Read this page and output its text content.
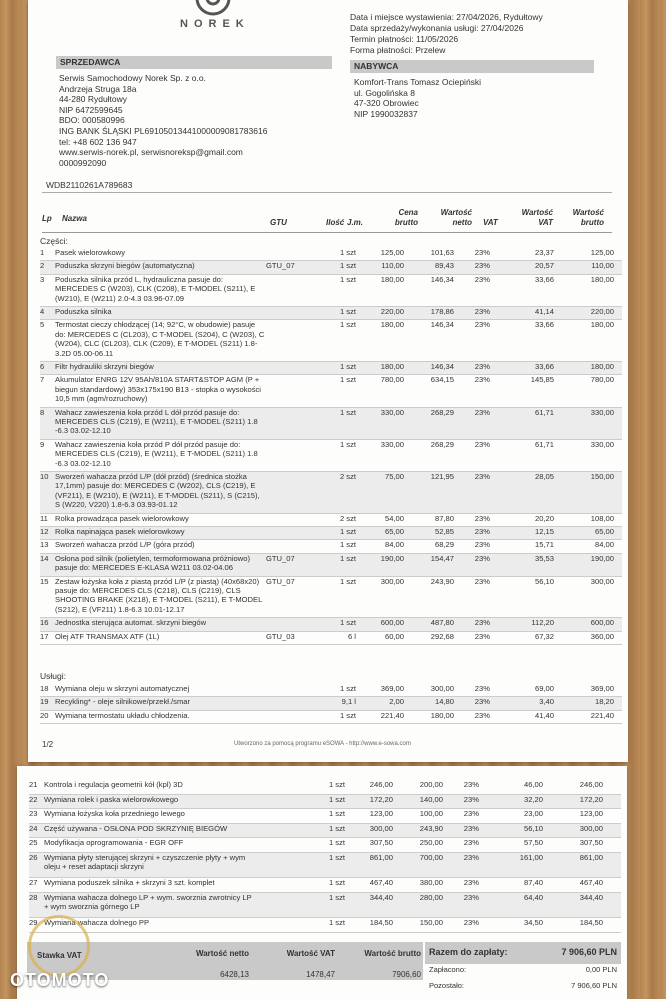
NOREK
Data i miejsce wystawienia: 27/04/2026, Rydułtowy
Data sprzedaży/wykonania usługi: 27/04/2026
Termin płatności: 11/05/2026
Forma płatności: Przelew
SPRZEDAWCA	NABYWCA
Serwis Samochodowy Norek Sp. z o.o.
Andrzeja Struga 18a
44-280 Rydułtowy
NIP 6472599645
BDO: 000580996
ING BANK ŚLĄSKI PL69105013441000009081783616
tel: +48 602 136 947
www.serwis-norek.pl, serwisnoreksp@gmail.com
0000992090
Komfort-Trans Tomasz Ociepiński
ul. Gogolińska 8
47-320 Obrowiec
NIP 1990032837
WDB2110261A789683
Lp Nazwa	GTU	Ilość J.m.
Cena brutto
Wartość netto VAT
Wartość VAT
Wartość brutto
Części:
1	Pasek wielorowkowy	1 szt	125,00	101,63	23%	23,37	125,00
2	Poduszka skrzyni biegów (automatyczna)	GTU_07	1 szt	110,00	89,43	23%	20,57	110,00
3	Poduszka silnika przód L, hydrauliczna pasuje do: MERCEDES C (W203), CLK (C208), E T-MODEL (S211), E (W210), E (W211) 2.0-4.3 03.96-07.09
1 szt	180,00	146,34	23%	33,66	180,00
4	Poduszka silnika	1 szt	220,00	178,86	23%	41,14	220,00
5	Termostat cieczy chłodzącej (14; 92°C, w obudowie) pasuje do: MERCEDES C (CL203), C T-MODEL (S204), C (W203), C (W204), CLC (CL203), CLK (C209), E T-MODEL (S211) 1.8-3.2D 05.00-06.11
1 szt	180,00	146,34	23%	33,66	180,00
6	Filtr hydrauliki skrzyni biegów	1 szt	180,00	146,34	23%	33,66	180,00
7	Akumulator ENRG 12V 95Ah/810A START&STOP AGM (P + biegun standardowy) 353x175x190 B13 - stopka o wysokości 10,5 mm (agm/rozruchowy)
1 szt	780,00	634,15	23%	145,85	780,00
8	Wahacz zawieszenia koła przód L dół przód pasuje do: MERCEDES CLS (C219), E (W211), E T-MODEL (S211) 1.8 -6.3 03.02-12.10
1 szt	330,00	268,29	23%	61,71	330,00
9	Wahacz zawieszenia koła przód P dół przód pasuje do: MERCEDES CLS (C219), E (W211), E T-MODEL (S211) 1.8 -6.3 03.02-12.10
1 szt	330,00	268,29	23%	61,71	330,00
10 Sworzeń wahacza przód L/P (dół przód) (średnica stożka 17,1mm) pasuje do: MERCEDES C (W202), CLS (C219), E (VF211), E (W210), E (W211), E T-MODEL (S211), S (C215), S (W220, V220) 1.8-6.3 03.93-01.12
2 szt	75,00	121,95	23%	28,05	150,00
11 Rolka prowadząca pasek wielorowkowy	2 szt	54,00	87,80	23%	20,20	108,00
12 Rolka napinająca pasek wielorowkowy	1 szt	65,00	52,85	23%	12,15	65,00
13 Sworzeń wahacza przód L/P (góra przód)	1 szt	84,00	68,29	23%	15,71	84,00
14 Osłona pod silnik (polietylen, termoformowana próżniowo) pasuje do: MERCEDES E-KLASA W211 03.02-04.06
GTU_07	1 szt	190,00	154,47	23%	35,53	190,00
15 Zestaw łożyska koła z piastą przód L/P (z piastą) (40x68x20) pasuje do: MERCEDES CLS (C218), CLS (C219), CLS SHOOTING BRAKE (X218), E T-MODEL (S211), E T-MODEL (S212), E (VF211) 1.8-6.3 10.01-12.17
GTU_07	1 szt	300,00	243,90	23%	56,10	300,00
16 Jednostka sterująca automat. skrzyni biegów	1 szt	600,00	487,80	23%	112,20	600,00
17 Olej ATF TRANSMAX ATF (1L)	GTU_03	6 l	60,00	292,68	23%	67,32	360,00
Usługi:
18 Wymiana oleju w skrzyni automatycznej	1 szt	369,00	300,00	23%	69,00	369,00
19 Recykling* - oleje silnikowe/przekł./smar	9,1 l	2,00	14,80	23%	3,40	18,20
20 Wymiana termostatu układu chłodzenia.	1 szt	221,40	180,00	23%	41,40	221,40
1/2	Utworzono za pomocą programu eSOWA - http://www.e-sowa.com
21 Kontrola i regulacja geometrii kół (kpl) 3D	1 szt	246,00	200,00	23%	46,00	246,00
22 Wymiana rolek i paska wielorowkowego	1 szt	172,20	140,00	23%	32,20	172,20
23 Wymiana łożyska koła przedniego lewego	1 szt	123,00	100,00	23%	23,00	123,00
24 Część używana - OSŁONA POD SKRZYNIĘ BIEGÓW	1 szt	300,00	243,90	23%	56,10	300,00
25 Modyfikacja oprogramowania - EGR OFF	1 szt	307,50	250,00	23%	57,50	307,50
26 Wymiana płyty sterującej skrzyni + czyszczenie płyty + wym oleju + reset adaptacji skrzyni
1 szt	861,00	700,00	23%	161,00	861,00
27 Wymiana poduszek silnika + skrzyni 3 szt. komplet	1 szt	467,40	380,00	23%	87,40	467,40
28 Wymiana wahacza dolnego LP + wym. sworznia zwrotnicy LP + wym sworznia górnego LP
1 szt	344,40	280,00	23%	64,40	344,40
29 Wymiana wahacza dolnego PP	1 szt	184,50	150,00	23%	34,50	184,50
Stawka VAT	Wartość netto	Wartość VAT	Wartość brutto
6428,13	1478,47	7906,60
Razem do zapłaty:	7 906,60 PLN
Zapłacono:	0,00 PLN
Pozostało:	7 906,60 PLN
OTOMOTO
